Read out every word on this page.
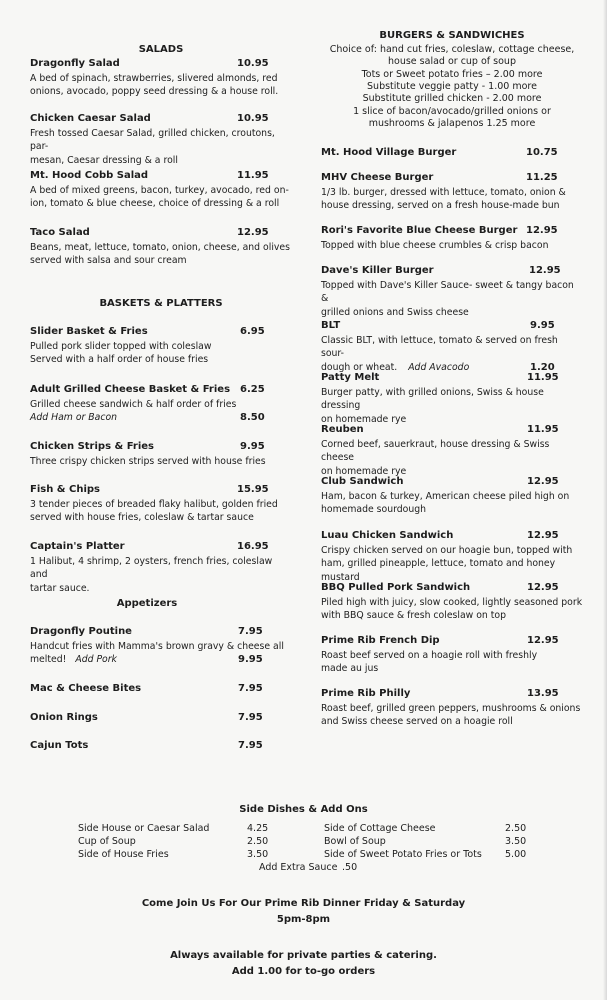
SALADS
Dragonfly Salad	10.95
A bed of spinach, strawberries, slivered almonds, red
onions, avocado, poppy seed dressing & a house roll.
Chicken Caesar Salad	10.95
Fresh tossed Caesar Salad, grilled chicken, croutons, par-
mesan, Caesar dressing & a roll
Mt. Hood Cobb Salad	11.95
A bed of mixed greens, bacon, turkey, avocado, red on-
ion, tomato & blue cheese, choice of dressing & a roll
Taco Salad	12.95
Beans, meat, lettuce, tomato, onion, cheese, and olives
served with salsa and sour cream
BASKETS & PLATTERS
Slider Basket & Fries	6.95
Pulled pork slider topped with coleslaw
Served with a half order of house fries
Adult Grilled Cheese Basket & Fries 6.25
Grilled cheese sandwich & half order of fries
Add Ham or Bacon	8.50
Chicken Strips & Fries	9.95
Three crispy chicken strips served with house fries
Fish & Chips	15.95
3 tender pieces of breaded flaky halibut, golden fried
served with house fries, coleslaw & tartar sauce
Captain's Platter	16.95
1 Halibut, 4 shrimp, 2 oysters, french fries, coleslaw and
tartar sauce.
Appetizers
Dragonfly Poutine	7.95
Handcut fries with Mamma's brown gravy & cheese all
melted! Add Pork	9.95
Mac & Cheese Bites	7.95
Onion Rings	7.95
Cajun Tots	7.95
BURGERS & SANDWICHES
Choice of: hand cut fries, coleslaw, cottage cheese,
house salad or cup of soup
Tots or Sweet potato fries – 2.00 more
Substitute veggie patty - 1.00 more
Substitute grilled chicken - 2.00 more
1 slice of bacon/avocado/grilled onions or
mushrooms & jalapenos 1.25 more
Mt. Hood Village Burger	10.75
MHV Cheese Burger	11.25
1/3 lb. burger, dressed with lettuce, tomato, onion &
house dressing, served on a fresh house-made bun
Rori's Favorite Blue Cheese Burger 12.95
Topped with blue cheese crumbles & crisp bacon
Dave's Killer Burger	12.95
Topped with Dave's Killer Sauce- sweet & tangy bacon &
grilled onions and Swiss cheese
BLT	9.95
Classic BLT, with lettuce, tomato & served on fresh sour-
dough or wheat. Add Avacodo	1.20
Patty Melt	11.95
Burger patty, with grilled onions, Swiss & house dressing
on homemade rye
Reuben	11.95
Corned beef, sauerkraut, house dressing & Swiss cheese
on homemade rye
Club Sandwich	12.95
Ham, bacon & turkey, American cheese piled high on
homemade sourdough
Luau Chicken Sandwich	12.95
Crispy chicken served on our hoagie bun, topped with
ham, grilled pineapple, lettuce, tomato and honey mustard
BBQ Pulled Pork Sandwich	12.95
Piled high with juicy, slow cooked, lightly seasoned pork
with BBQ sauce & fresh coleslaw on top
Prime Rib French Dip	12.95
Roast beef served on a hoagie roll with freshly
made au jus
Prime Rib Philly	13.95
Roast beef, grilled green peppers, mushrooms & onions
and Swiss cheese served on a hoagie roll
Side Dishes & Add Ons
Side House or Caesar Salad	4.25
Cup of Soup	2.50
Side of House Fries	3.50
Side of Cottage Cheese	2.50
Bowl of Soup	3.50
Side of Sweet Potato Fries or Tots 5.00
Add Extra Sauce .50
Come Join Us For Our Prime Rib Dinner Friday & Saturday
5pm-8pm
Always available for private parties & catering.
Add 1.00 for to-go orders
